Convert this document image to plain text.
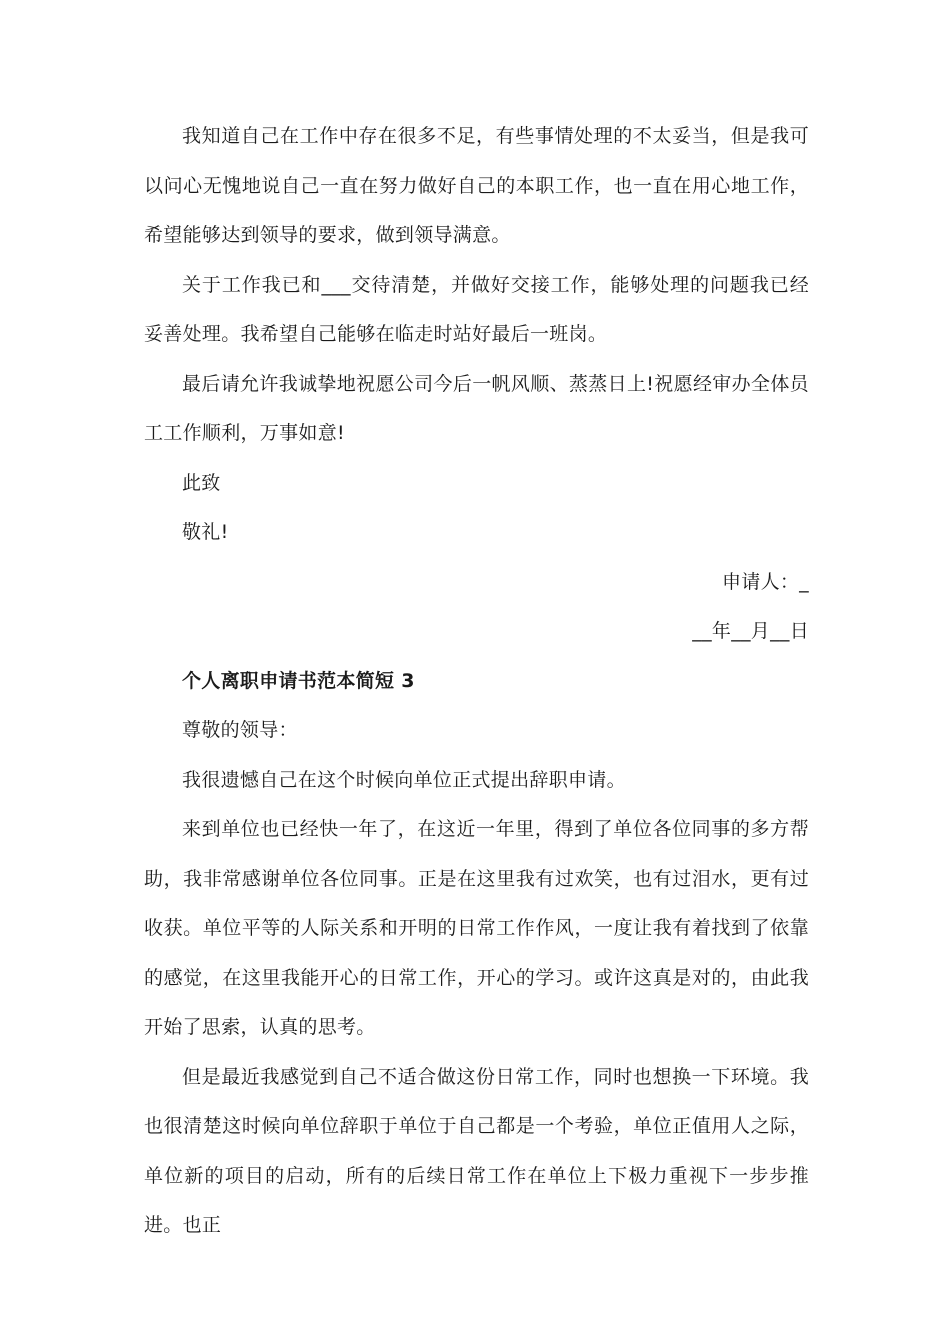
我知道自己在工作中存在很多不足，有些事情处理的不太妥当，但是我可以问心无愧地说自己一直在努力做好自己的本职工作，也一直在用心地工作，希望能够达到领导的要求，做到领导满意。

关于工作我已和___交待清楚，并做好交接工作，能够处理的问题我已经妥善处理。我希望自己能够在临走时站好最后一班岗。

最后请允许我诚挚地祝愿公司今后一帆风顺、蒸蒸日上!祝愿经审办全体员工工作顺利，万事如意!

此致

敬礼!

申请人：_

__年__月__日

个人离职申请书范本简短 3

尊敬的领导：

我很遗憾自己在这个时候向单位正式提出辞职申请。

来到单位也已经快一年了，在这近一年里，得到了单位各位同事的多方帮助，我非常感谢单位各位同事。正是在这里我有过欢笑，也有过泪水，更有过收获。单位平等的人际关系和开明的日常工作作风，一度让我有着找到了依靠的感觉，在这里我能开心的日常工作，开心的学习。或许这真是对的，由此我开始了思索，认真的思考。

但是最近我感觉到自己不适合做这份日常工作，同时也想换一下环境。我也很清楚这时候向单位辞职于单位于自己都是一个考验，单位正值用人之际，单位新的项目的启动，所有的后续日常工作在单位上下极力重视下一步步推进。也正
